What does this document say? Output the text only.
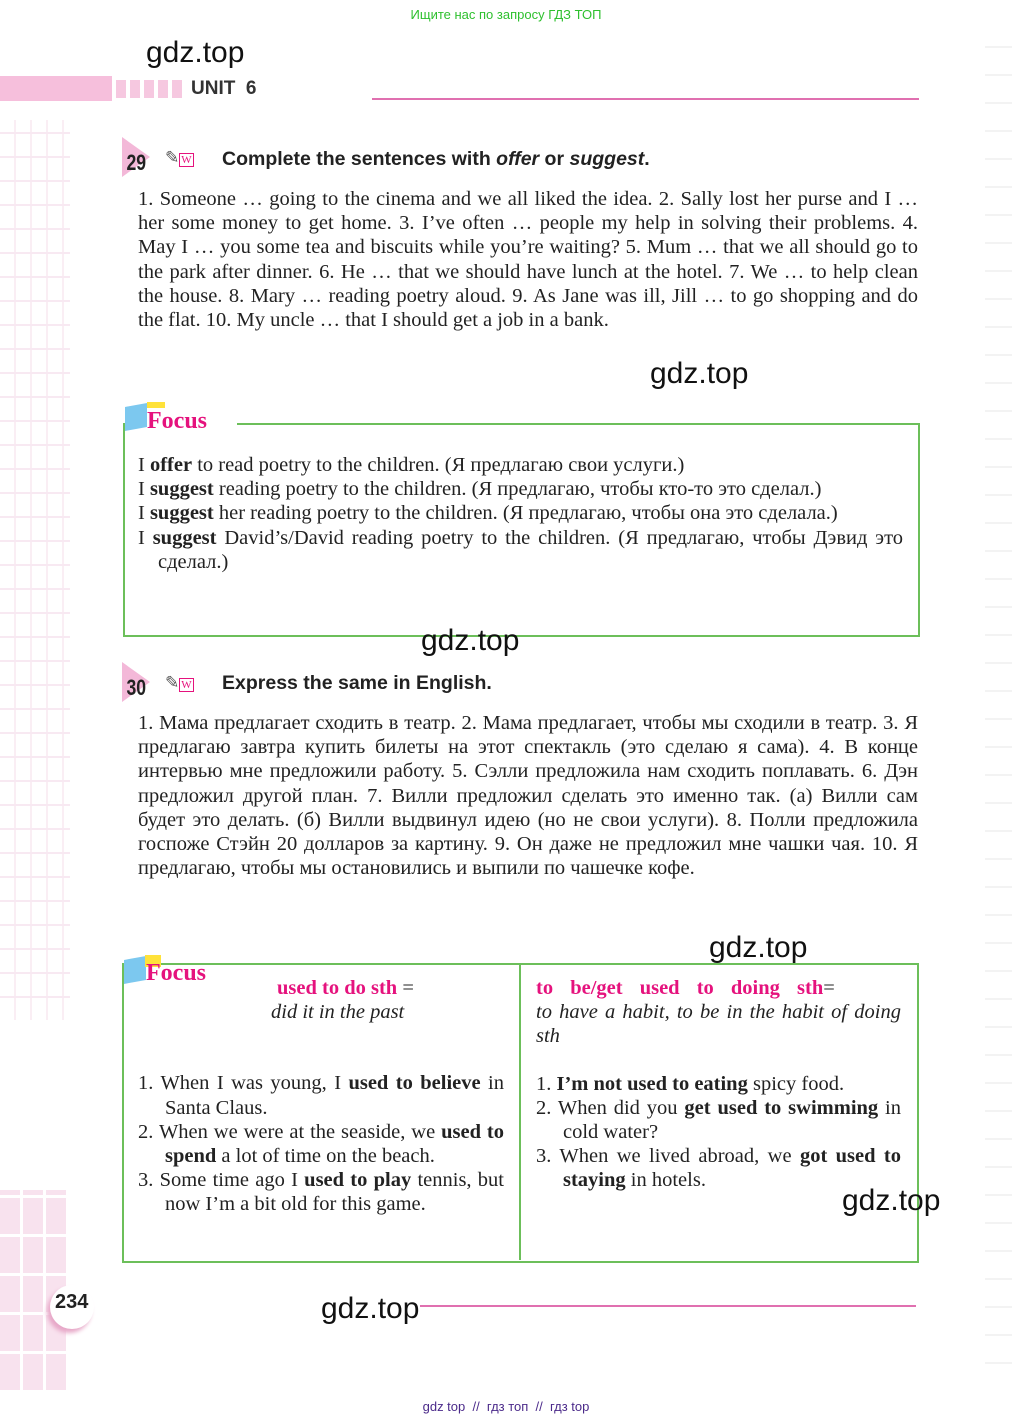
Ищите нас по запросу ГДЗ ТОП
gdz.top
UNIT  6
29 ✎ W Complete the sentences with offer or suggest.
1. Someone … going to the cinema and we all liked the idea. 2. Sally lost her purse and I … her some money to get home. 3. I’ve often … people my help in solving their problems. 4. May I … you some tea and biscuits while you’re waiting? 5. Mum … that we all should go to the park after dinner. 6. He … that we should have lunch at the hotel. 7. We … to help clean the house. 8. Mary … reading poetry aloud. 9. As Jane was ill, Jill … to go shopping and do the flat. 10. My uncle … that I should get a job in a bank.
gdz.top
Focus
I offer to read poetry to the children. (Я предлагаю свои услуги.)
I suggest reading poetry to the children. (Я предлагаю, чтобы кто-то это сделал.)
I suggest her reading poetry to the children. (Я предлагаю, чтобы она это сделала.)
I suggest David’s/David reading poetry to the children. (Я предлагаю, чтобы Дэвид это сделал.)
gdz.top
30 ✎ W Express the same in English.
1. Мама предлагает сходить в театр. 2. Мама предлагает, чтобы мы сходили в театр. 3. Я предлагаю завтра купить билеты на этот спектакль (это сделаю я сама). 4. В конце интервью мне предложили работу. 5. Сэлли предложила нам сходить поплавать. 6. Дэн предложил другой план. 7. Вилли предложил сделать это именно так. (а) Вилли сам будет это делать. (б) Вилли выдвинул идею (но не свои услуги). 8. Полли предложила госпоже Стэйн 20 долларов за картину. 9. Он даже не предложил мне чашки чая. 10. Я предлагаю, чтобы мы остановились и выпили по чашечке кофе.
gdz.top
Focus
used to do sth =
did it in the past
1. When I was young, I used to believe in Santa Claus.
2. When we were at the seaside, we used to spend a lot of time on the beach.
3. Some time ago I used to play tennis, but now I’m a bit old for this game.
to be/get used to doing sth=
to have a habit, to be in the habit of doing sth
1. I’m not used to eating spicy food.
2. When did you get used to swimming in cold water?
3. When we lived abroad, we got used to staying in hotels.
gdz.top
234	gdz.top
gdz top  //  гдз топ  //  гдз top
